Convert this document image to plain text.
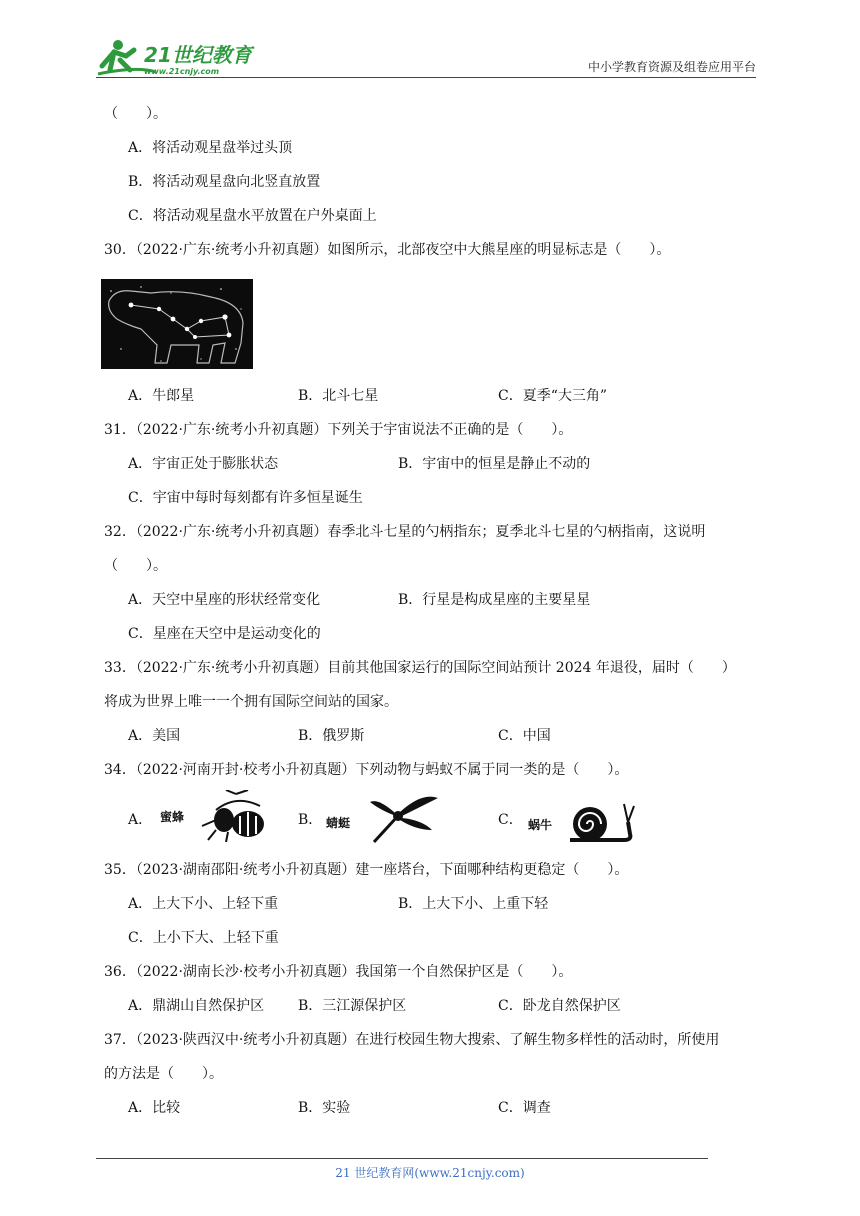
21世纪教育
www.21cnjy.com	中小学教育资源及组卷应用平台
（　　）。
A．将活动观星盘举过头顶
B．将活动观星盘向北竖直放置
C．将活动观星盘水平放置在户外桌面上
30．（2022·广东·统考小升初真题）如图所示，北部夜空中大熊星座的明显标志是（　　）。
A．牛郎星	B．北斗七星	C．夏季“大三角”
31．（2022·广东·统考小升初真题）下列关于宇宙说法不正确的是（　　）。
A．宇宙正处于膨胀状态	B．宇宙中的恒星是静止不动的
C．宇宙中每时每刻都有许多恒星诞生
32．（2022·广东·统考小升初真题）春季北斗七星的勺柄指东；夏季北斗七星的勺柄指南，这说明
（　　）。
A．天空中星座的形状经常变化	B．行星是构成星座的主要星星
C．星座在天空中是运动变化的
33．（2022·广东·统考小升初真题）目前其他国家运行的国际空间站预计 2024 年退役，届时（　　）
将成为世界上唯一一个拥有国际空间站的国家。
A．美国	B．俄罗斯	C．中国
34．（2022·河南开封·校考小升初真题）下列动物与蚂蚁不属于同一类的是（　　）。
A． 蜜蜂	B． 蜻蜓	C． 蜗牛
35．（2023·湖南邵阳·统考小升初真题）建一座塔台，下面哪种结构更稳定（　　）。
A．上大下小、上轻下重	B．上大下小、上重下轻
C．上小下大、上轻下重
36．（2022·湖南长沙·校考小升初真题）我国第一个自然保护区是（　　）。
A．鼎湖山自然保护区 B．三江源保护区	C．卧龙自然保护区
37．（2023·陕西汉中·统考小升初真题）在进行校园生物大搜索、了解生物多样性的活动时，所使用
的方法是（　　）。
A．比较	B．实验	C．调查
21 世纪教育网(www.21cnjy.com)
